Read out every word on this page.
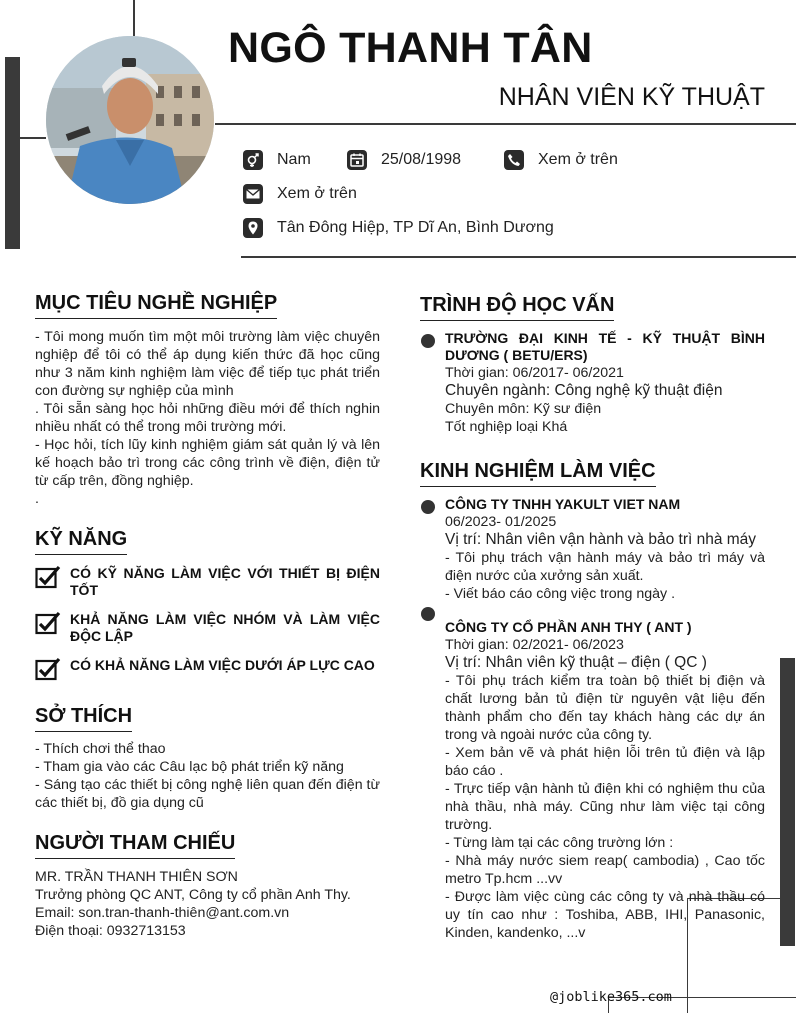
NGÔ THANH TÂN
NHÂN VIÊN KỸ THUẬT
Nam	25/08/1998	Xem ở trên
Xem ở trên
Tân Đông Hiệp, TP Dĩ An, Bình Dương
MỤC TIÊU NGHỀ NGHIỆP
- Tôi mong muốn tìm một môi trường làm việc chuyên nghiệp để tôi có thể áp dụng kiến thức đã học cũng như 3 năm kinh nghiệm làm việc để tiếp tục phát triển con đường sự nghiệp của mình
. Tôi sẵn sàng học hỏi những điều mới để thích nghin nhiều nhất có thể trong môi trường mới.
- Học hỏi, tích lũy kinh nghiệm giám sát quản lý và lên kế hoạch bảo trì trong các công trình về điện, điện tử từ cấp trên, đồng nghiệp.
.
KỸ NĂNG
CÓ KỸ NĂNG LÀM VIỆC VỚI THIẾT BỊ ĐIỆN TỐT
KHẢ NĂNG LÀM VIỆC NHÓM VÀ LÀM VIỆC ĐỘC LẬP
CÓ KHẢ NĂNG LÀM VIỆC DƯỚI ÁP LỰC CAO
SỞ THÍCH
- Thích chơi thể thao
- Tham gia vào các Câu lạc bộ phát triển kỹ năng
- Sáng tạo các thiết bị công nghệ liên quan đến điện từ các thiết bị, đồ gia dụng cũ
NGƯỜI THAM CHIẾU
MR. TRẦN THANH THIÊN SƠN
Trưởng phòng QC ANT, Công ty cổ phần Anh Thy.
Email: son.tran-thanh-thiên@ant.com.vn
Điện thoại: 0932713153
TRÌNH ĐỘ HỌC VẤN
TRƯỜNG ĐẠI KINH TẾ - KỸ THUẬT BÌNH DƯƠNG ( BETU/ERS)
Thời gian: 06/2017- 06/2021
Chuyên ngành: Công nghệ kỹ thuật điện
Chuyên môn: Kỹ sư điện
Tốt nghiệp loại Khá
KINH NGHIỆM LÀM VIỆC
CÔNG TY TNHH YAKULT VIET NAM
06/2023- 01/2025
Vị trí: Nhân viên vận hành và bảo trì nhà máy
- Tôi phụ trách vận hành máy và bảo trì máy và điện nước của xưởng sản xuất.
- Viết báo cáo công việc trong ngày .
CÔNG TY CỔ PHẦN ANH THY ( ANT )
Thời gian: 02/2021- 06/2023
Vị trí: Nhân viên kỹ thuật – điện ( QC )
- Tôi phụ trách kiểm tra toàn bộ thiết bị điện và chất lương bản tủ điện từ nguyên vật liệu đến thành phẩm cho đến tay khách hàng các dự án trong và ngoài nước của công ty.
- Xem bản vẽ và phát hiện lỗi trên tủ điện và lập báo cáo .
- Trực tiếp vận hành tủ điện khi có nghiệm thu của nhà thầu, nhà máy. Cũng như làm việc tại công trường.
- Từng làm tại các công trường lớn :
- Nhà máy nước siem reap( cambodia) , Cao tốc metro Tp.hcm ...vv
- Được làm việc cùng các công ty và nhà thầu có uy tín cao như : Toshiba, ABB, IHI, Panasonic, Kinden, kandenko, ...v
@joblike365.com
